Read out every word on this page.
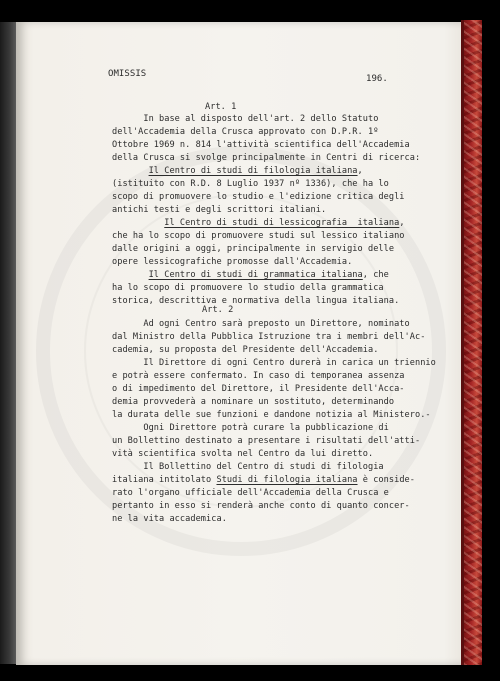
OMISSIS	196.
Art. 1
In base al disposto dell'art. 2 dello Statuto
dell'Accademia della Crusca approvato con D.P.R. 1º
Ottobre 1969 n. 814 l'attività scientifica dell'Accademia
della Crusca si svolge principalmente in Centri di ricerca:
Il Centro di studi di filologia italiana,
(istituito con R.D. 8 Luglio 1937 nº 1336), che ha lo
scopo di promuovere lo studio e l'edizione critica degli
antichi testi e degli scrittori italiani.
Il Centro di studi di lessicografia  italiana,
che ha lo scopo di promuovere studi sul lessico italiano
dalle origini a oggi, principalmente in servigio delle
opere lessicografiche promosse dall'Accademia.
Il Centro di studi di grammatica italiana, che
ha lo scopo di promuovere lo studio della grammatica
storica, descrittiva e normativa della lingua italiana.
Art. 2
Ad ogni Centro sarà preposto un Direttore, nominato
dal Ministro della Pubblica Istruzione tra i membri dell'Ac-
cademia, su proposta del Presidente dell'Accademia.
Il Direttore di ogni Centro durerà in carica un triennio
e potrà essere confermato. In caso di temporanea assenza
o di impedimento del Direttore, il Presidente dell'Acca-
demia provvederà a nominare un sostituto, determinando
la durata delle sue funzioni e dandone notizia al Ministero.-
Ogni Direttore potrà curare la pubblicazione di
un Bollettino destinato a presentare i risultati dell'atti-
vità scientifica svolta nel Centro da lui diretto.
Il Bollettino del Centro di studi di filologia
italiana intitolato Studi di filologia italiana è conside-
rato l'organo ufficiale dell'Accademia della Crusca e
pertanto in esso si renderà anche conto di quanto concer-
ne la vita accademica.
